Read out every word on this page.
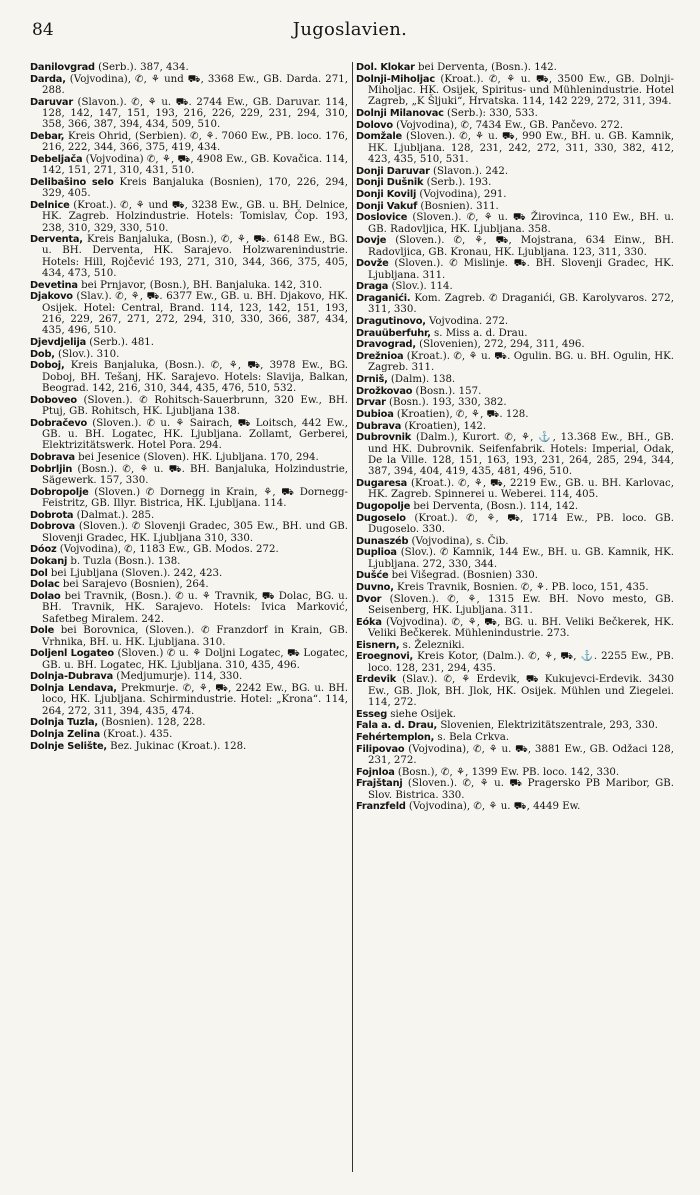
84	Jugoslavien.
Danilovgrad (Serb.). 387, 434.
Darda, (Vojvodina), ✆, ⚘ und ⛟, 3368 Ew., GB. Darda. 271, 288.
Daruvar (Slavon.). ✆, ⚘ u. ⛟. 2744 Ew., GB. Daruvar. 114, 128, 142, 147, 151, 193, 216, 226, 229, 231, 294, 310, 358, 366, 387, 394, 434, 509, 510.
Debar, Kreis Ohrid, (Serbien). ✆, ⚘. 7060 Ew., PB. loco. 176, 216, 222, 344, 366, 375, 419, 434.
Debeljača (Vojvodina) ✆, ⚘, ⛟, 4908 Ew., GB. Kovačica. 114, 142, 151, 271, 310, 431, 510.
Delibašino selo Kreis Banjaluka (Bosnien), 170, 226, 294, 329, 405.
Delnice (Kroat.). ✆, ⚘ und ⛟, 3238 Ew., GB. u. BH. Delnice, HK. Zagreb. Holzindustrie. Hotels: Tomislav, Čop. 193, 238, 310, 329, 330, 510.
Derventa, Kreis Banjaluka, (Bosn.), ✆, ⚘, ⛟. 6148 Ew., BG. u. BH. Derventa, HK. Sarajevo. Holzwarenindustrie. Hotels: Hill, Rojčević 193, 271, 310, 344, 366, 375, 405, 434, 473, 510.
Devetina bei Prnjavor, (Bosn.), BH. Banjaluka. 142, 310.
Djakovo (Slav.). ✆, ⚘, ⛟. 6377 Ew., GB. u. BH. Djakovo, HK. Osijek. Hotel: Central, Brand. 114, 123, 142, 151, 193, 216, 229, 267, 271, 272, 294, 310, 330, 366, 387, 434, 435, 496, 510.
Djevdjelija (Serb.). 481.
Dob, (Slov.). 310.
Doboj, Kreis Banjaluka, (Bosn.). ✆, ⚘, ⛟, 3978 Ew., BG. Doboj, BH. Tešanj, HK. Sarajevo. Hotels: Slavija, Balkan, Beograd. 142, 216, 310, 344, 435, 476, 510, 532.
Doboveo (Sloven.). ✆ Rohitsch-Sauerbrunn, 320 Ew., BH. Ptuj, GB. Rohitsch, HK. Ljubljana 138.
Dobračevo (Sloven.). ✆ u. ⚘ Sairach, ⛟ Loitsch, 442 Ew., GB. u. BH. Logatec, HK. Ljubljana. Zollamt, Gerberei, Elektrizitätswerk. Hotel Pora. 294.
Dobrava bei Jesenice (Sloven). HK. Ljubljana. 170, 294.
Dobrljin (Bosn.). ✆, ⚘ u. ⛟. BH. Banjaluka, Holzindustrie, Sägewerk. 157, 330.
Dobropolje (Sloven.) ✆ Dornegg in Krain, ⚘, ⛟ Dornegg-Feistritz, GB. Illyr. Bistrica, HK. Ljubljana. 114.
Dobrota (Dalmat.). 285.
Dobrova (Sloven.). ✆ Slovenji Gradec, 305 Ew., BH. und GB. Slovenji Gradec, HK. Ljubljana 310, 330.
Dóoz (Vojvodina), ✆, 1183 Ew., GB. Modos. 272.
Dokanj b. Tuzla (Bosn.). 138.
Dol bei Ljubljana (Sloven.). 242, 423.
Dolac bei Sarajevo (Bosnien), 264.
Dolao bei Travnik, (Bosn.). ✆ u. ⚘ Travnik, ⛟ Dolac, BG. u. BH. Travnik, HK. Sarajevo. Hotels: Ivica Marković, Safetbeg Miralem. 242.
Dole bei Borovnica, (Sloven.). ✆ Franzdorf in Krain, GB. Vrhnika, BH. u. HK. Ljubljana. 310.
Doljenl Logateo (Sloven.) ✆ u. ⚘ Doljni Logatec, ⛟ Logatec, GB. u. BH. Logatec, HK. Ljubljana. 310, 435, 496.
Dolnja-Dubrava (Medjumurje). 114, 330.
Dolnja Lendava, Prekmurje. ✆, ⚘, ⛟, 2242 Ew., BG. u. BH. loco, HK. Ljubljana. Schirmindustrie. Hotel: „Krona“. 114, 264, 272, 311, 394, 435, 474.
Dolnja Tuzla, (Bosnien). 128, 228.
Dolnja Zelina (Kroat.). 435.
Dolnje Selište, Bez. Jukinac (Kroat.). 128.
Dol. Klokar bei Derventa, (Bosn.). 142.
Dolnji-Miholjac (Kroat.). ✆, ⚘ u. ⛟, 3500 Ew., GB. Dolnji-Miholjac. HK. Osijek, Spiritus- und Mühlenindustrie. Hotel Zagreb, „K Šljuki“, Hrvatska. 114, 142 229, 272, 311, 394.
Dolnji Milanovac (Serb.): 330, 533.
Dolovo (Vojvodina), ✆, 7434 Ew., GB. Pančevo. 272.
Domžale (Sloven.). ✆, ⚘ u. ⛟, 990 Ew., BH. u. GB. Kamnik, HK. Ljubljana. 128, 231, 242, 272, 311, 330, 382, 412, 423, 435, 510, 531.
Donji Daruvar (Slavon.). 242.
Donji Dušnik (Serb.). 193.
Donji Kovilj (Vojvodina), 291.
Donji Vakuf (Bosnien). 311.
Doslovice (Sloven.). ✆, ⚘ u. ⛟ Žirovinca, 110 Ew., BH. u. GB. Radovljica, HK. Ljubljana. 358.
Dovje (Sloven.). ✆, ⚘, ⛟, Mojstrana, 634 Einw., BH. Radovljica, GB. Kronau, HK. Ljubljana. 123, 311, 330.
Dovže (Sloven.). ✆ Mislinje. ⛟. BH. Slovenji Gradec, HK. Ljubljana. 311.
Draga (Slov.). 114.
Draganići. Kom. Zagreb. ✆ Draganići, GB. Karolyvaros. 272, 311, 330.
Dragutinovo, Vojvodina. 272.
Drauüberfuhr, s. Miss a. d. Drau.
Dravograd, (Slovenien), 272, 294, 311, 496.
Drežnioa (Kroat.). ✆, ⚘ u. ⛟. Ogulin. BG. u. BH. Ogulin, HK. Zagreb. 311.
Drniš, (Dalm). 138.
Drožkovao (Bosn.). 157.
Drvar (Bosn.). 193, 330, 382.
Dubioa (Kroatien), ✆, ⚘, ⛟. 128.
Dubrava (Kroatien), 142.
Dubrovnik (Dalm.), Kurort. ✆, ⚘, ⚓, 13.368 Ew., BH., GB. und HK. Dubrovnik. Seifenfabrik. Hotels: Imperial, Odak, De la Ville. 128, 151, 163, 193, 231, 264, 285, 294, 344, 387, 394, 404, 419, 435, 481, 496, 510.
Dugaresa (Kroat.). ✆, ⚘, ⛟, 2219 Ew., GB. u. BH. Karlovac, HK. Zagreb. Spinnerei u. Weberei. 114, 405.
Dugopolje bei Derventa, (Bosn.). 114, 142.
Dugoselo (Kroat.). ✆, ⚘, ⛟, 1714 Ew., PB. loco. GB. Dugoselo. 330.
Dunaszéb (Vojvodina), s. Čib.
Duplioa (Slov.). ✆ Kamnik, 144 Ew., BH. u. GB. Kamnik, HK. Ljubljana. 272, 330, 344.
Dušće bei Višegrad. (Bosnien) 330.
Duvno, Kreis Travnik, Bosnien. ✆, ⚘. PB. loco, 151, 435.
Dvor (Sloven.). ✆, ⚘, 1315 Ew. BH. Novo mesto, GB. Seisenberg, HK. Ljubljana. 311.
Eóka (Vojvodina). ✆, ⚘, ⛟, BG. u. BH. Veliki Bečkerek, HK. Veliki Bečkerek. Mühlenindustrie. 273.
Eisnern, s. Železniki.
Eroegnovi, Kreis Kotor, (Dalm.). ✆, ⚘, ⛟, ⚓. 2255 Ew., PB. loco. 128, 231, 294, 435.
Erdevik (Slav.). ✆, ⚘ Erdevik, ⛟ Kukujevci-Erdevik. 3430 Ew., GB. Jlok, BH. Jlok, HK. Osijek. Mühlen und Ziegelei. 114, 272.
Esseg siehe Osijek.
Fala a. d. Drau, Slovenien, Elektrizitätszentrale, 293, 330.
Fehértemplon, s. Bela Crkva.
Filipovao (Vojvodina), ✆, ⚘ u. ⛟, 3881 Ew., GB. Odžaci 128, 231, 272.
Fojnloa (Bosn.), ✆, ⚘, 1399 Ew. PB. loco. 142, 330.
Frajštanj (Sloven.). ✆, ⚘ u. ⛟ Pragersko PB Maribor, GB. Slov. Bistrica. 330.
Franzfeld (Vojvodina), ✆, ⚘ u. ⛟, 4449 Ew.
